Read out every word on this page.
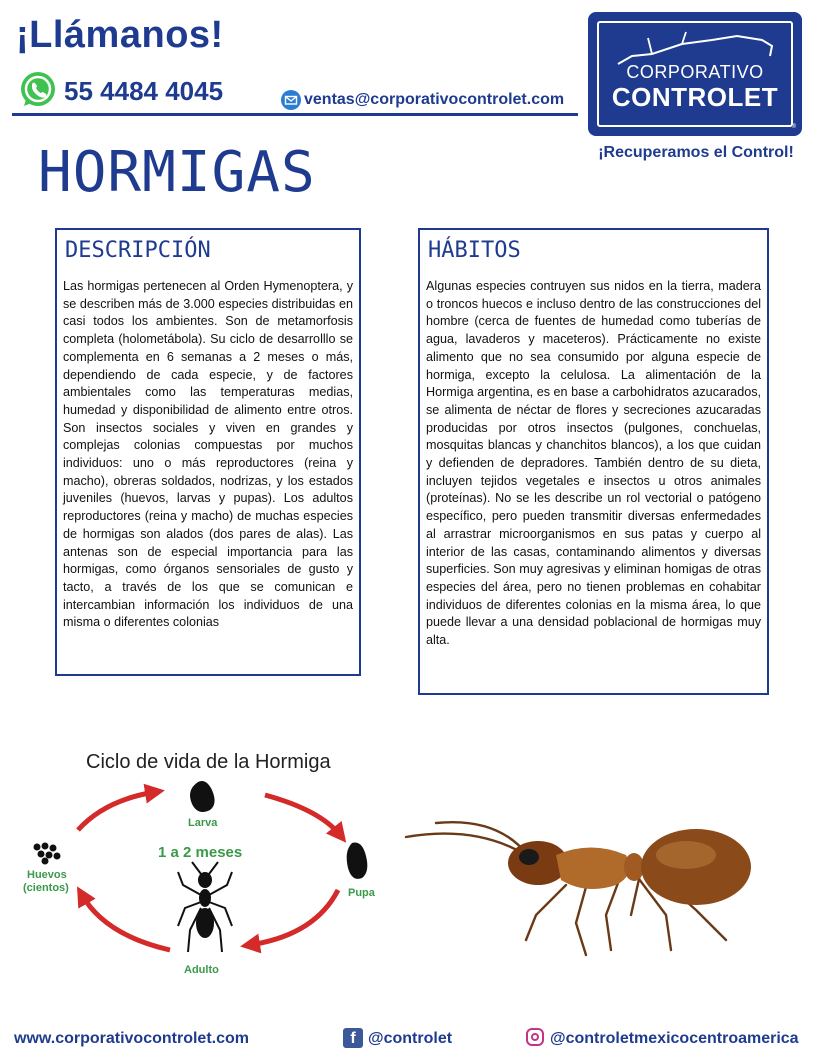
¡Llámanos!
55 4484 4045	ventas@corporativocontrolet.com
CORPORATIVO
CONTROLET
®
¡Recuperamos el Control!
HORMIGAS
DESCRIPCIÓN

Las hormigas pertenecen al Orden Hymenoptera, y se describen más de 3.000 especies distribuidas en casi todos los ambientes. Son de metamorfosis completa (holometábola). Su ciclo de desarrolllo se complementa en 6 semanas a 2 meses o más, dependiendo de cada especie, y de factores ambientales como las temperaturas medias, humedad y disponibilidad de alimento entre otros. Son insectos sociales y viven en grandes y complejas colonias compuestas por muchos individuos: uno o más reproductores (reina y macho), obreras soldados, nodrizas, y los estados juveniles (huevos, larvas y pupas). Los adultos reproductores (reina y macho) de muchas especies de hormigas son alados (dos pares de alas). Las antenas son de especial importancia para las hormigas, como órganos sensoriales de gusto y tacto, a través de los que se comunican e intercambian información los individuos de una misma o diferentes colonias

HÁBITOS

Algunas especies contruyen sus nidos en la tierra, madera o troncos huecos e incluso dentro de las construcciones del hombre (cerca de fuentes de humedad como tuberías de agua, lavaderos y maceteros). Prácticamente no existe alimento que no sea consumido por alguna especie de hormiga, excepto la celulosa. La alimentación de la Hormiga argentina, es en base a carbohidratos azucarados, se alimenta de néctar de flores y secreciones azucaradas producidas por otros insectos (pulgones, conchuelas, mosquitas blancas y chanchitos blancos), a los que cuidan y defienden de depradores. También dentro de su dieta, incluyen tejidos vegetales e insectos u otros animales (proteínas). No se les describe un rol vectorial o patógeno específico, pero pueden transmitir diversas enfermedades al arrastrar microorganismos en sus patas y cuerpo al interior de las casas, contaminando alimentos y diversas superficies. Son muy agresivas y eliminan homigas de otras especies del área, pero no tienen problemas en cohabitar individuos de diferentes colonias en la misma área, lo que puede llevar a una densidad poblacional de hormigas muy alta.

Ciclo de vida de la Hormiga
Larva
Pupa
Huevos
(cientos)
1 a 2 meses
Adulto
www.corporativocontrolet.com	f @controlet	@controletmexicocentroamerica
